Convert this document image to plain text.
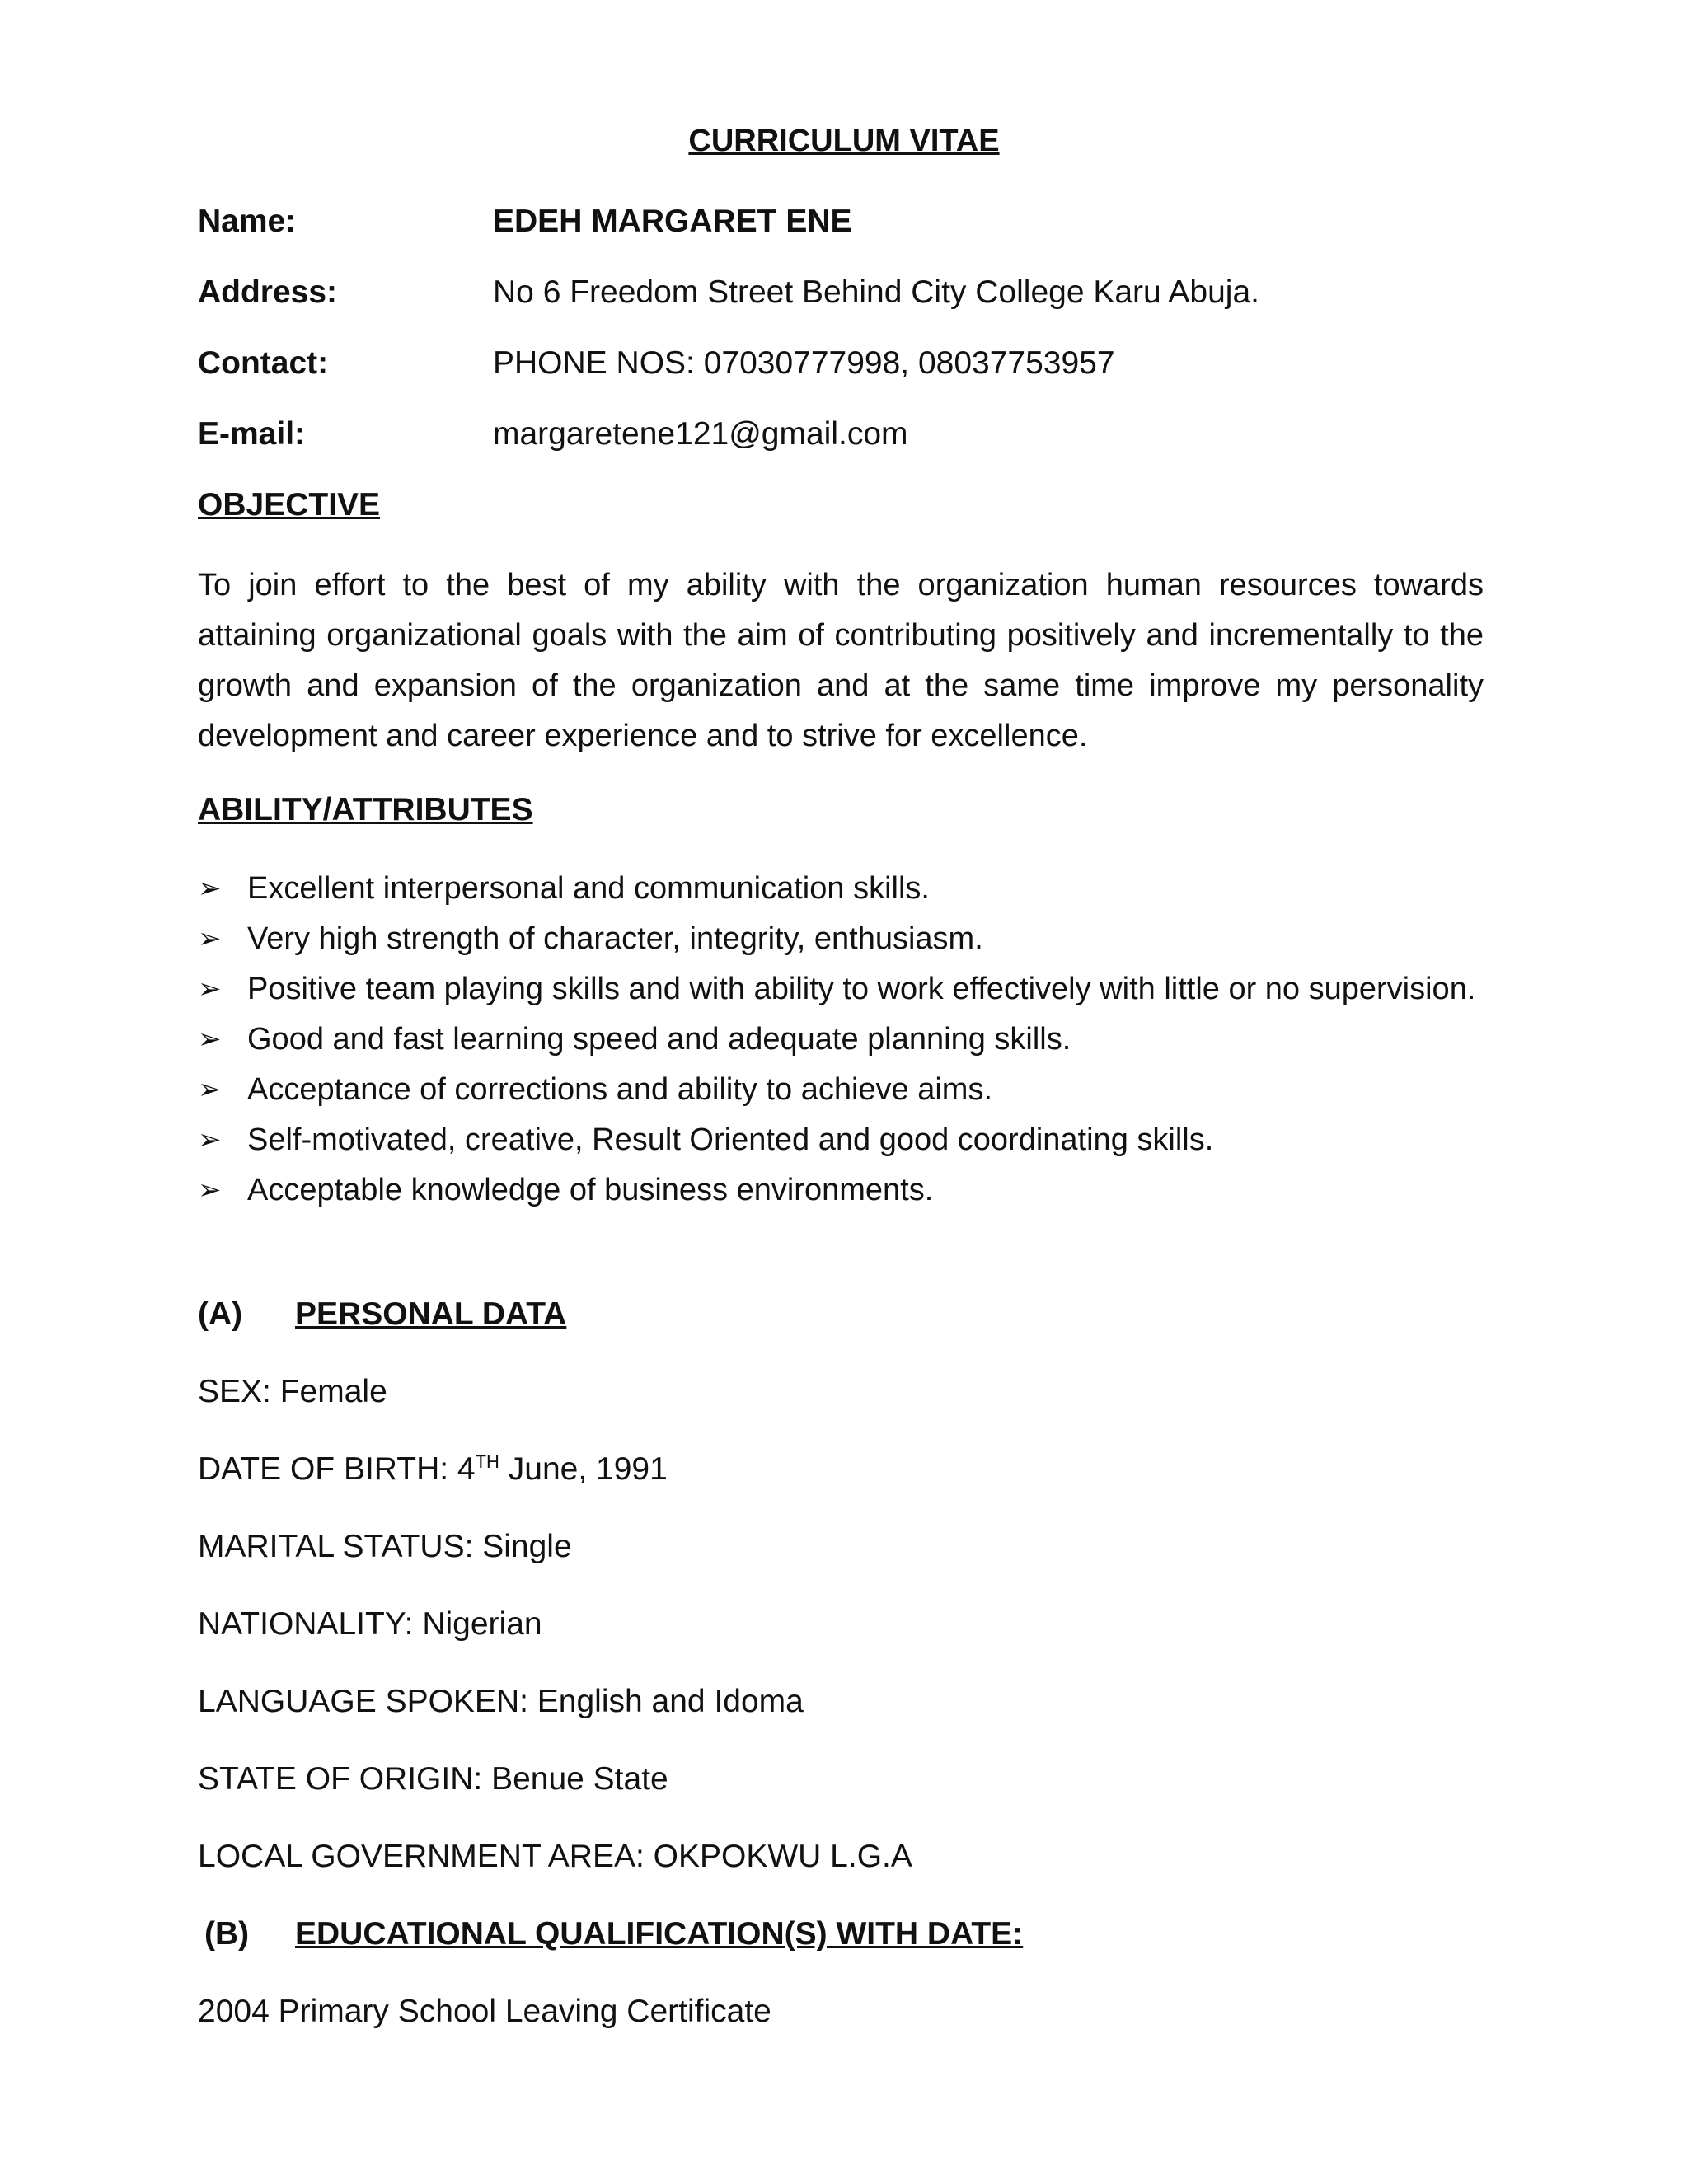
CURRICULUM VITAE
Name:	EDEH MARGARET ENE
Address:	No 6 Freedom Street Behind City College Karu Abuja.
Contact:	PHONE NOS: 07030777998, 08037753957
E-mail:	margaretene121@gmail.com
OBJECTIVE
To join effort to the best of my ability with the organization human resources towards attaining organizational goals with the aim of contributing positively and incrementally to the growth and expansion of the organization and at the same time improve my personality development and career experience and to strive for excellence.
ABILITY/ATTRIBUTES
➢ Excellent interpersonal and communication skills.
➢ Very high strength of character, integrity, enthusiasm.
➢ Positive team playing skills and with ability to work effectively with little or no supervision.
➢ Good and fast learning speed and adequate planning skills.
➢ Acceptance of corrections and ability to achieve aims.
➢ Self-motivated, creative, Result Oriented and good coordinating skills.
➢ Acceptable knowledge of business environments.
(A) PERSONAL DATA
SEX: Female
DATE OF BIRTH: 4TH June, 1991
MARITAL STATUS: Single
NATIONALITY: Nigerian
LANGUAGE SPOKEN: English and Idoma
STATE OF ORIGIN: Benue State
LOCAL GOVERNMENT AREA: OKPOKWU L.G.A
(B) EDUCATIONAL QUALIFICATION(S) WITH DATE:
2004 Primary School Leaving Certificate
